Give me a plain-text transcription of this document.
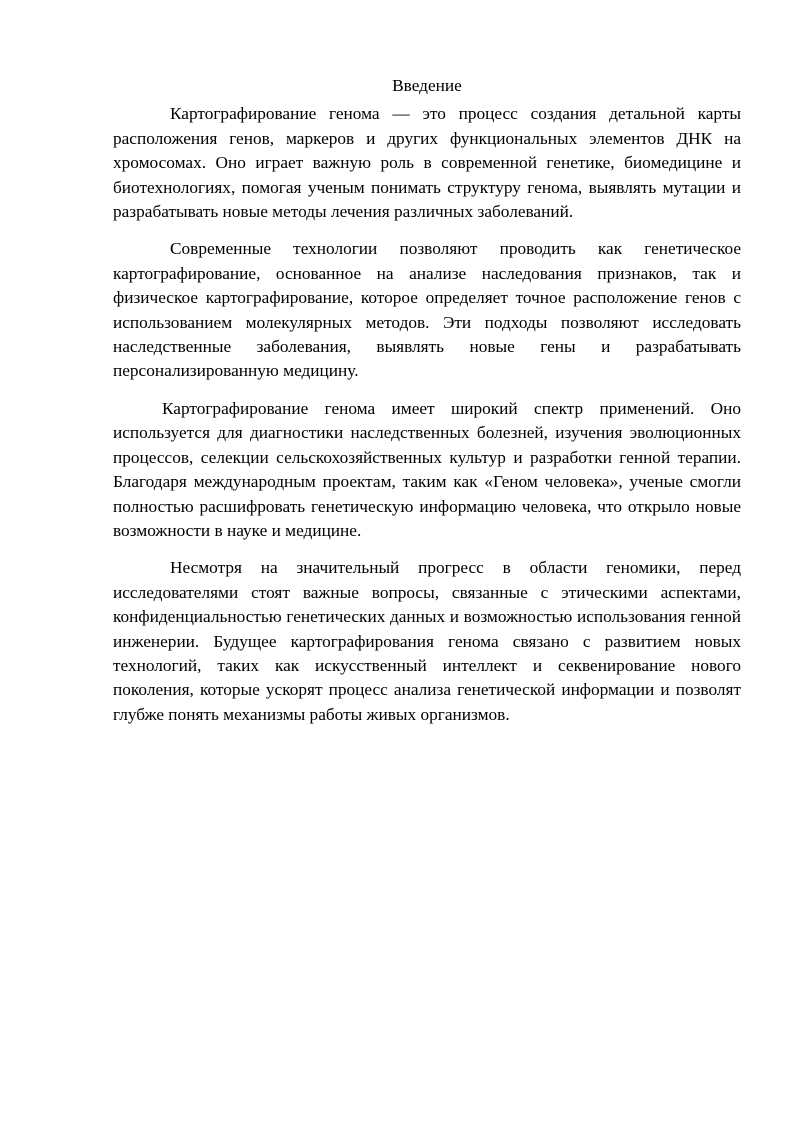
Введение

Картографирование генома — это процесс создания детальной карты расположения генов, маркеров и других функциональных элементов ДНК на хромосомах. Оно играет важную роль в современной генетике, биомедицине и биотехнологиях, помогая ученым понимать структуру генома, выявлять мутации и разрабатывать новые методы лечения различных заболеваний.

Современные технологии позволяют проводить как генетическое картографирование, основанное на анализе наследования признаков, так и физическое картографирование, которое определяет точное расположение генов с использованием молекулярных методов. Эти подходы позволяют исследовать наследственные заболевания, выявлять новые гены и разрабатывать персонализированную медицину.

Картографирование генома имеет широкий спектр применений. Оно используется для диагностики наследственных болезней, изучения эволюционных процессов, селекции сельскохозяйственных культур и разработки генной терапии. Благодаря международным проектам, таким как «Геном человека», ученые смогли полностью расшифровать генетическую информацию человека, что открыло новые возможности в науке и медицине.

Несмотря на значительный прогресс в области геномики, перед исследователями стоят важные вопросы, связанные с этическими аспектами, конфиденциальностью генетических данных и возможностью использования генной инженерии. Будущее картографирования генома связано с развитием новых технологий, таких как искусственный интеллект и секвенирование нового поколения, которые ускорят процесс анализа генетической информации и позволят глубже понять механизмы работы живых организмов.
